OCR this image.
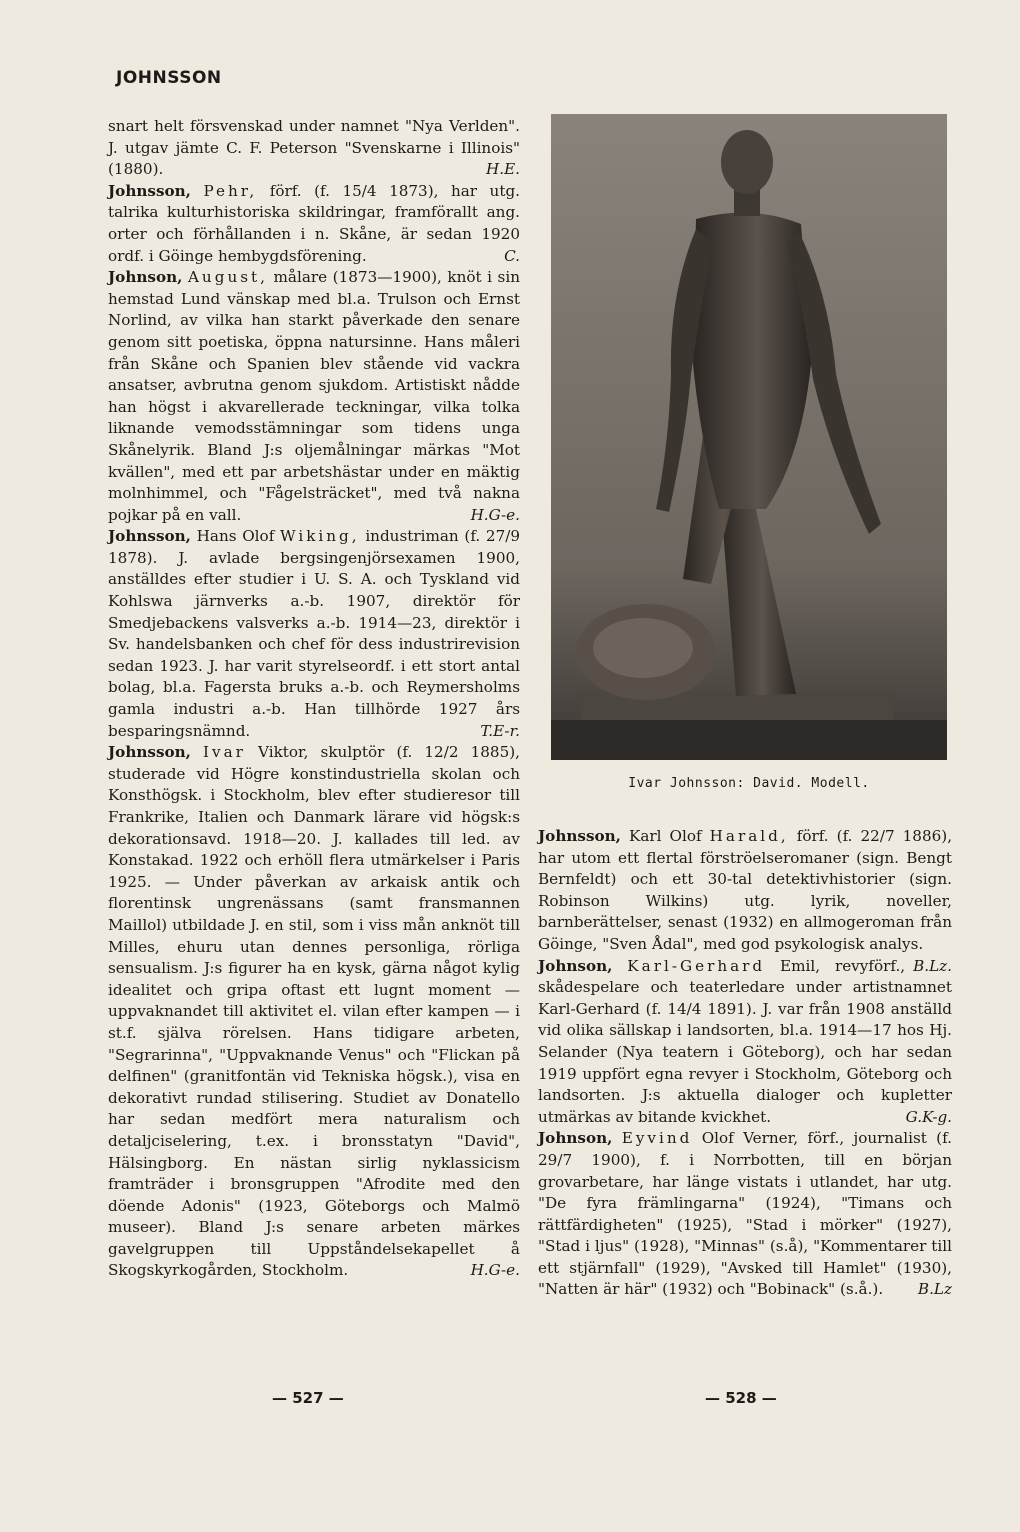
JOHNSSON

snart helt försvenskad under namnet "Nya Verlden". J. utgav jämte C. F. Peterson "Svenskarne i Illinois" (1880).	H.E.

Johnsson, Pehr, förf. (f. 15/4 1873), har utg. talrika kulturhistoriska skildringar, framförallt ang. orter och förhållanden i n. Skåne, är sedan 1920 ordf. i Göinge hembygdsförening.	C.

Johnson, August, målare (1873—1900), knöt i sin hemstad Lund vänskap med bl.a. Trulson och Ernst Norlind, av vilka han starkt påverkade den senare genom sitt poetiska, öppna natursinne. Hans måleri från Skåne och Spanien blev stående vid vackra ansatser, avbrutna genom sjukdom. Artistiskt nådde han högst i akvarellerade teckningar, vilka tolka liknande vemodsstämningar som tidens unga Skånelyrik. Bland J:s oljemålningar märkas "Mot kvällen", med ett par arbetshästar under en mäktig molnhimmel, och "Fågelsträcket", med två nakna pojkar på en vall.	H.G-e.

Johnsson, Hans Olof Wiking, industriman (f. 27/9 1878). J. avlade bergsingenjörsexamen 1900, anställdes efter studier i U. S. A. och Tyskland vid Kohlswa järnverks a.-b. 1907, direktör för Smedjebackens valsverks a.-b. 1914—23, direktör i Sv. handelsbanken och chef för dess industrirevision sedan 1923. J. har varit styrelseordf. i ett stort antal bolag, bl.a. Fagersta bruks a.-b. och Reymersholms gamla industri a.-b. Han tillhörde 1927 års besparingsnämnd.	T.E-r.

Johnsson, Ivar Viktor, skulptör (f. 12/2 1885), studerade vid Högre konstindustriella skolan och Konsthögsk. i Stockholm, blev efter studieresor till Frankrike, Italien och Danmark lärare vid högsk:s dekorationsavd. 1918—20. J. kallades till led. av Konstakad. 1922 och erhöll flera utmärkelser i Paris 1925. — Under påverkan av arkaisk antik och florentinsk ungrenässans (samt fransmannen Maillol) utbildade J. en stil, som i viss mån anknöt till Milles, ehuru utan dennes personliga, rörliga sensualism. J:s figurer ha en kysk, gärna något kylig idealitet och gripa oftast ett lugnt moment — uppvaknandet till aktivitet el. vilan efter kampen — i st.f. själva rörelsen. Hans tidigare arbeten, "Segrarinna", "Uppvaknande Venus" och "Flickan på delfinen" (granitfontän vid Tekniska högsk.), visa en dekorativt rundad stilisering. Studiet av Donatello har sedan medfört mera naturalism och detaljciselering, t.ex. i bronsstatyn "David", Hälsingborg. En nästan sirlig nyklassicism framträder i bronsgruppen "Afrodite med den döende Adonis" (1923, Göteborgs och Malmö museer). Bland J:s senare arbeten märkes gavelgruppen till Uppståndelsekapellet å Skogskyrkogården, Stockholm.	H.G-e.

Ivar Johnsson: David. Modell.

Johnsson, Karl Olof Harald, förf. (f. 22/7 1886), har utom ett flertal förströelseromaner (sign. Bengt Bernfeldt) och ett 30-tal detektivhistorier (sign. Robinson Wilkins) utg. lyrik, noveller, barnberättelser, senast (1932) en allmogeroman från Göinge, "Sven Ådal", med god psykologisk analys.
B.Lz.

Johnson, Karl-Gerhard Emil, revyförf., skådespelare och teaterledare under artistnamnet Karl-Gerhard (f. 14/4 1891). J. var från 1908 anställd vid olika sällskap i landsorten, bl.a. 1914—17 hos Hj. Selander (Nya teatern i Göteborg), och har sedan 1919 uppfört egna revyer i Stockholm, Göteborg och landsorten. J:s aktuella dialoger och kupletter utmärkas av bitande kvickhet.	G.K-g.

Johnson, Eyvind Olof Verner, förf., journalist (f. 29/7 1900), f. i Norrbotten, till en början grovarbetare, har länge vistats i utlandet, har utg. "De fyra främlingarna" (1924), "Timans och rättfärdigheten" (1925), "Stad i mörker" (1927), "Stad i ljus" (1928), "Minnas" (s.å), "Kommentarer till ett stjärnfall" (1929), "Avsked till Hamlet" (1930), "Natten är här" (1932) och "Bobinack" (s.å.).	B.Lz

— 527 —	— 528 —
